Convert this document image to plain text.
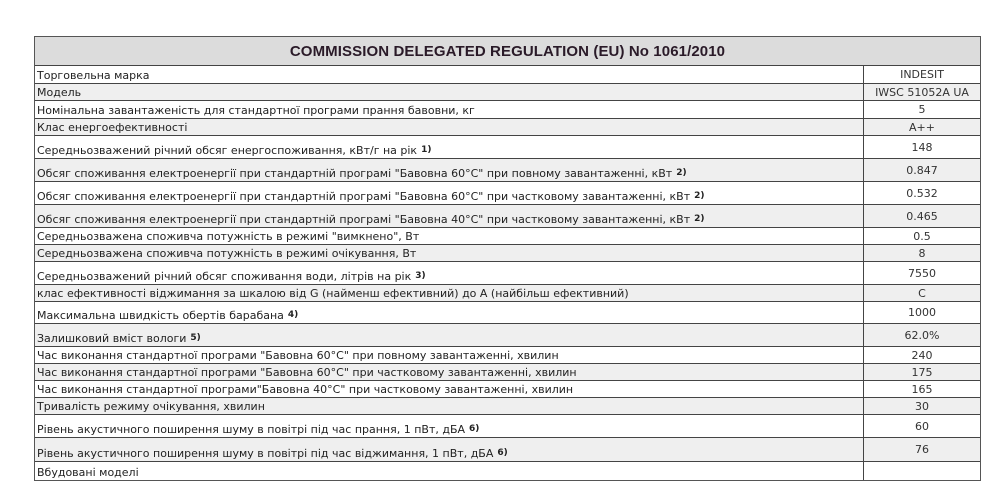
COMMISSION DELEGATED REGULATION (EU) No 1061/2010
Торговельна марка	INDESIT
Модель	IWSC 51052A UA
Номінальна завантаженість для стандартної програми прання бавовни, кг	5
Клас енергоефективності	A++
Середньозважений річний обсяг енергоспоживання, кВт/г на рік $^{1)}$	148
Обсяг споживання електроенергії при стандартній програмі "Бавовна 60°C" при повному завантаженні, кВт $^{2)}$	0.847
Обсяг споживання електроенергії при стандартній програмі "Бавовна 60°C" при частковому завантаженні, кВт $^{2)}$	0.532
Обсяг споживання електроенергії при стандартній програмі "Бавовна 40°C" при частковому завантаженні, кВт $^{2)}$	0.465
Середньозважена споживча потужність в режимі "вимкнено", Вт	0.5
Середньозважена споживча потужність в режимі очікування, Вт	8
Середньозважений річний обсяг споживання води, літрів на рік $^{3)}$	7550
клас ефективності віджимання за шкалою від G (найменш ефективний) до A (найбільш ефективний)	C
Максимальна швидкість обертів барабана $^{4)}$	1000
Залишковий вміст вологи $^{5)}$	62.0%
Час виконання стандартної програми "Бавовна 60°C" при повному завантаженні, хвилин	240
Час виконання стандартної програми "Бавовна 60°C" при частковому завантаженні, хвилин	175
Час виконання стандартної програми"Бавовна 40°C" при частковому завантаженні, хвилин	165
Тривалість режиму очікування, хвилин	30
Рівень акустичного поширення шуму в повітрі під час прання, 1 пВт, дБА $^{6)}$	60
Рівень акустичного поширення шуму в повітрі під час віджимання, 1 пВт, дБА $^{6)}$	76
Вбудовані моделі
